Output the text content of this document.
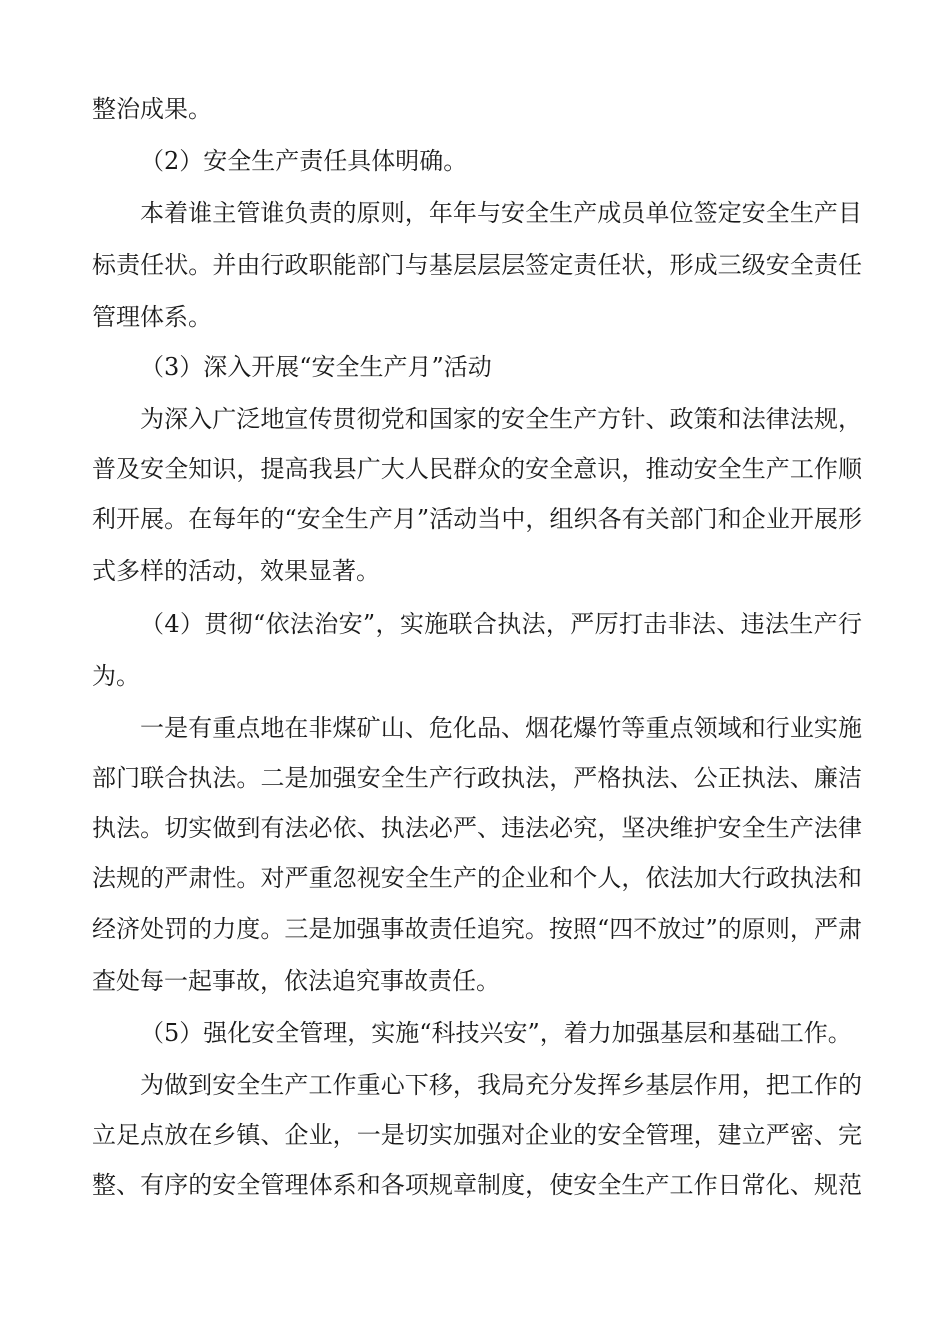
整治成果。
（2）安全生产责任具体明确。
本着谁主管谁负责的原则，年年与安全生产成员单位签定安全生产目
标责任状。并由行政职能部门与基层层层签定责任状，形成三级安全责任
管理体系。
（3）深入开展“安全生产月”活动
为深入广泛地宣传贯彻党和国家的安全生产方针、政策和法律法规，
普及安全知识，提高我县广大人民群众的安全意识，推动安全生产工作顺
利开展。在每年的“安全生产月”活动当中，组织各有关部门和企业开展形
式多样的活动，效果显著。
（4）贯彻“依法治安”，实施联合执法，严厉打击非法、违法生产行
为。
一是有重点地在非煤矿山、危化品、烟花爆竹等重点领域和行业实施
部门联合执法。二是加强安全生产行政执法，严格执法、公正执法、廉洁
执法。切实做到有法必依、执法必严、违法必究，坚决维护安全生产法律
法规的严肃性。对严重忽视安全生产的企业和个人，依法加大行政执法和
经济处罚的力度。三是加强事故责任追究。按照“四不放过”的原则，严肃
查处每一起事故，依法追究事故责任。
（5）强化安全管理，实施“科技兴安”，着力加强基层和基础工作。
为做到安全生产工作重心下移，我局充分发挥乡基层作用，把工作的
立足点放在乡镇、企业，一是切实加强对企业的安全管理，建立严密、完
整、有序的安全管理体系和各项规章制度，使安全生产工作日常化、规范
